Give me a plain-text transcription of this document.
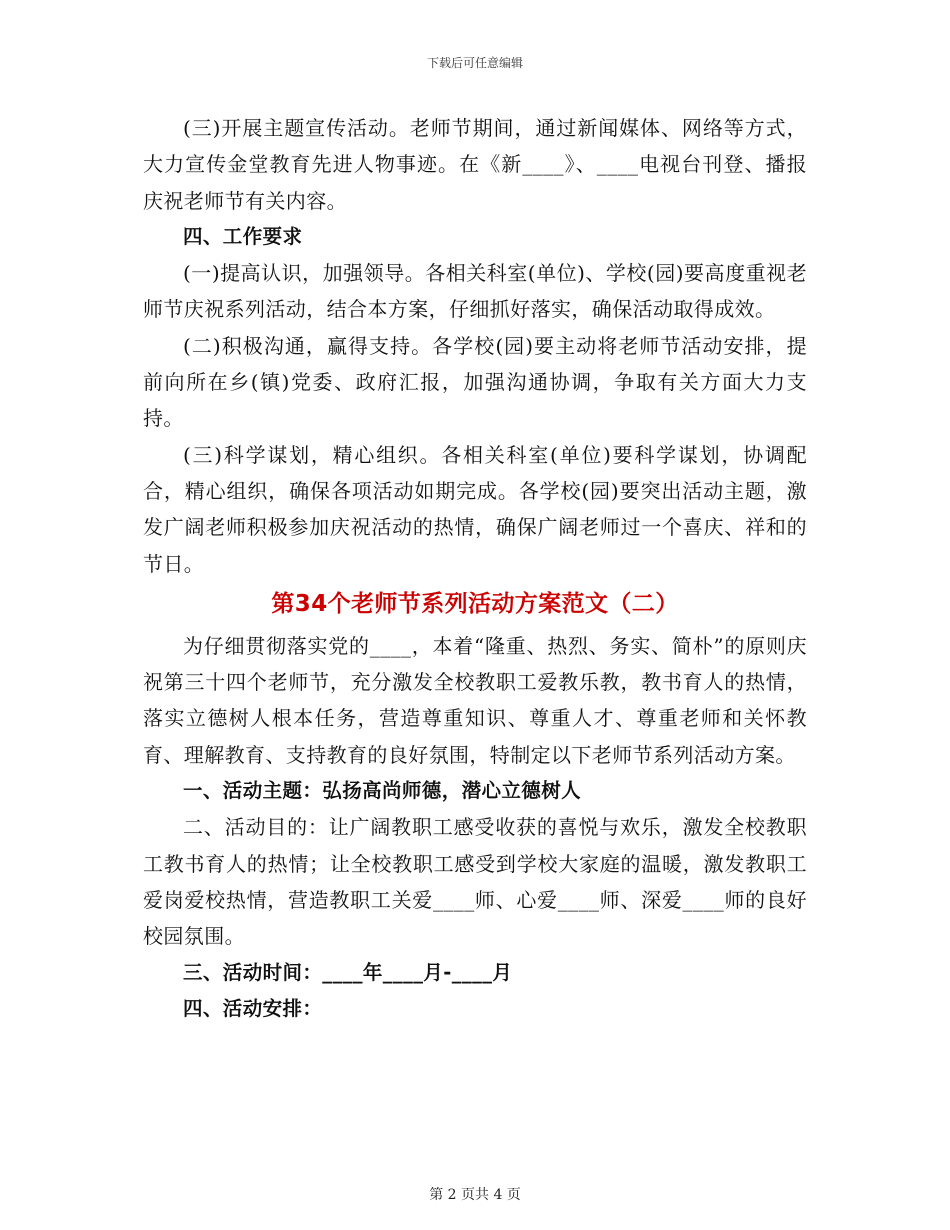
下载后可任意编辑

(三)开展主题宣传活动。老师节期间，通过新闻媒体、网络等方式，大力宣传金堂教育先进人物事迹。在《新____》、____电视台刊登、播报庆祝老师节有关内容。

四、工作要求

(一)提高认识，加强领导。各相关科室(单位)、学校(园)要高度重视老师节庆祝系列活动，结合本方案，仔细抓好落实，确保活动取得成效。

(二)积极沟通，赢得支持。各学校(园)要主动将老师节活动安排，提前向所在乡(镇)党委、政府汇报，加强沟通协调，争取有关方面大力支持。

(三)科学谋划，精心组织。各相关科室(单位)要科学谋划，协调配合，精心组织，确保各项活动如期完成。各学校(园)要突出活动主题，激发广阔老师积极参加庆祝活动的热情，确保广阔老师过一个喜庆、祥和的节日。

第34个老师节系列活动方案范文（二）

为仔细贯彻落实党的____，本着“隆重、热烈、务实、简朴”的原则庆祝第三十四个老师节，充分激发全校教职工爱教乐教，教书育人的热情，落实立德树人根本任务，营造尊重知识、尊重人才、尊重老师和关怀教育、理解教育、支持教育的良好氛围，特制定以下老师节系列活动方案。

一、活动主题：弘扬高尚师德，潜心立德树人

二、活动目的：让广阔教职工感受收获的喜悦与欢乐，激发全校教职工教书育人的热情；让全校教职工感受到学校大家庭的温暖，激发教职工爱岗爱校热情，营造教职工关爱____师、心爱____师、深爱____师的良好校园氛围。

三、活动时间：____年____月-____月

四、活动安排：

第 2 页共 4 页
